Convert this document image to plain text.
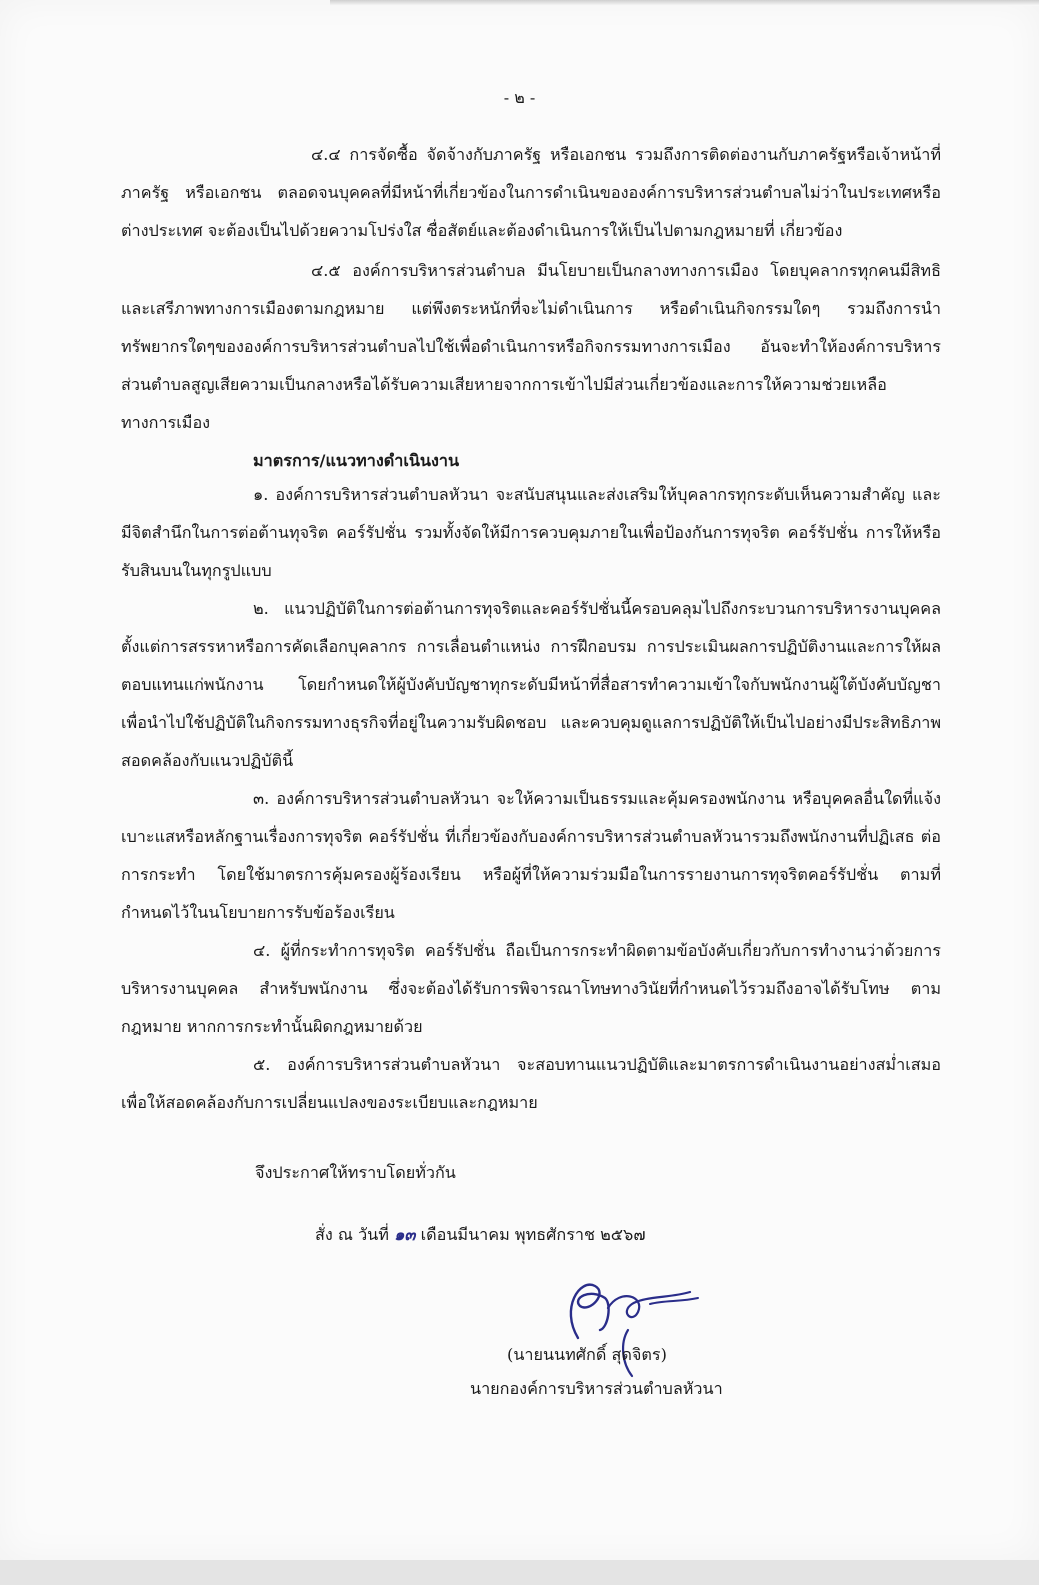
- ๒ -

๔.๔ การจัดซื้อ จัดจ้างกับภาครัฐ หรือเอกชน รวมถึงการติดต่องานกับภาครัฐหรือเจ้าหน้าที่ภาครัฐ หรือเอกชน ตลอดจนบุคคลที่มีหน้าที่เกี่ยวข้องในการดำเนินขององค์การบริหารส่วนตำบลไม่ว่าในประเทศหรือต่างประเทศ จะต้องเป็นไปด้วยความโปร่งใส ซื่อสัตย์และต้องดำเนินการให้เป็นไปตามกฎหมายที่ เกี่ยวข้อง

๔.๕ องค์การบริหารส่วนตำบล มีนโยบายเป็นกลางทางการเมือง โดยบุคลากรทุกคนมีสิทธิ และเสรีภาพทางการเมืองตามกฎหมาย แต่พึงตระหนักที่จะไม่ดำเนินการ หรือดำเนินกิจกรรมใดๆ รวมถึงการนำ ทรัพยากรใดๆขององค์การบริหารส่วนตำบลไปใช้เพื่อดำเนินการหรือกิจกรรมทางการเมือง อันจะทำให้องค์การบริหารส่วนตำบลสูญเสียความเป็นกลางหรือได้รับความเสียหายจากการเข้าไปมีส่วนเกี่ยวข้องและการให้ความช่วยเหลือทางการเมือง

มาตรการ/แนวทางดำเนินงาน

๑. องค์การบริหารส่วนตำบลหัวนา จะสนับสนุนและส่งเสริมให้บุคลากรทุกระดับเห็นความสำคัญ และมีจิตสำนึกในการต่อต้านทุจริต คอร์รัปชั่น รวมทั้งจัดให้มีการควบคุมภายในเพื่อป้องกันการทุจริต คอร์รัปชั่น การให้หรือรับสินบนในทุกรูปแบบ

๒. แนวปฏิบัติในการต่อต้านการทุจริตและคอร์รัปชั่นนี้ครอบคลุมไปถึงกระบวนการบริหารงานบุคคล ตั้งแต่การสรรหาหรือการคัดเลือกบุคลากร การเลื่อนตำแหน่ง การฝึกอบรม การประเมินผลการปฏิบัติงานและการให้ผลตอบแทนแก่พนักงาน โดยกำหนดให้ผู้บังคับบัญชาทุกระดับมีหน้าที่สื่อสารทำความเข้าใจกับพนักงานผู้ใต้บังคับบัญชา เพื่อนำไปใช้ปฏิบัติในกิจกรรมทางธุรกิจที่อยู่ในความรับผิดชอบ และควบคุมดูแลการปฏิบัติให้เป็นไปอย่างมีประสิทธิภาพสอดคล้องกับแนวปฏิบัตินี้

๓. องค์การบริหารส่วนตำบลหัวนา จะให้ความเป็นธรรมและคุ้มครองพนักงาน หรือบุคคลอื่นใดที่แจ้งเบาะแสหรือหลักฐานเรื่องการทุจริต คอร์รัปชั่น ที่เกี่ยวข้องกับองค์การบริหารส่วนตำบลหัวนารวมถึงพนักงานที่ปฏิเสธ ต่อการกระทำ โดยใช้มาตรการคุ้มครองผู้ร้องเรียน หรือผู้ที่ให้ความร่วมมือในการรายงานการทุจริตคอร์รัปชั่น ตามที่กำหนดไว้ในนโยบายการรับข้อร้องเรียน

๔. ผู้ที่กระทำการทุจริต คอร์รัปชั่น ถือเป็นการกระทำผิดตามข้อบังคับเกี่ยวกับการทำงานว่าด้วยการบริหารงานบุคคล สำหรับพนักงาน ซึ่งจะต้องได้รับการพิจารณาโทษทางวินัยที่กำหนดไว้รวมถึงอาจได้รับโทษ ตามกฎหมาย หากการกระทำนั้นผิดกฎหมายด้วย

๕. องค์การบริหารส่วนตำบลหัวนา จะสอบทานแนวปฏิบัติและมาตรการดำเนินงานอย่างสม่ำเสมอเพื่อให้สอดคล้องกับการเปลี่ยนแปลงของระเบียบและกฎหมาย

จึงประกาศให้ทราบโดยทั่วกัน
สั่ง ณ วันที่ ๑๓ เดือนมีนาคม พุทธศักราช ๒๕๖๗
(นายนนทศักดิ์ สุดจิตร)
นายกองค์การบริหารส่วนตำบลหัวนา
